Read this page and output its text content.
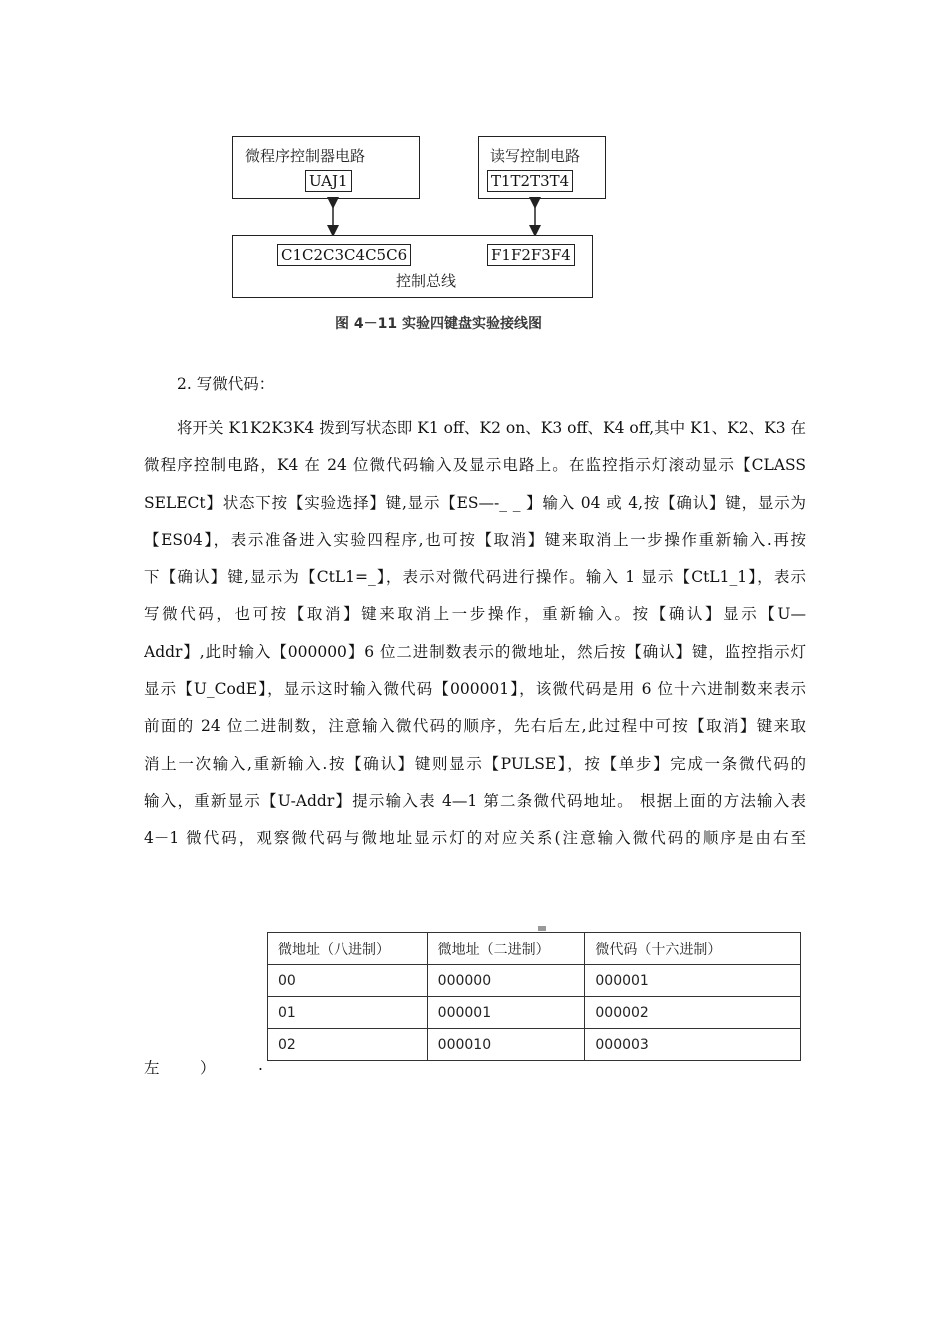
微程序控制器电路
UAJ1
读写控制电路
T1T2T3T4
C1C2C3C4C5C6	F1F2F3F4
控制总线
图 4－11 实验四键盘实验接线图
2. 写微代码：
将开关 K1K2K3K4 拨到写状态即 K1 off、K2 on、K3 off、K4 off,其中 K1、K2、K3 在
微程序控制电路，K4 在 24 位微代码输入及显示电路上。在监控指示灯滚动显示【CLASS
SELECt】状态下按【实验选择】键,显示【ES—-_ _ 】输入 04 或 4,按【确认】键，显示为
【ES04】，表示准备进入实验四程序,也可按【取消】键来取消上一步操作重新输入.再按
下【确认】键,显示为【CtL1=_】，表示对微代码进行操作。输入 1 显示【CtL1_1】，表示
写微代码，也可按【取消】键来取消上一步操作，重新输入。按【确认】显示【U—
Addr】,此时输入【000000】6 位二进制数表示的微地址，然后按【确认】键，监控指示灯
显示【U_CodE】，显示这时输入微代码【000001】，该微代码是用 6 位十六进制数来表示
前面的 24 位二进制数，注意输入微代码的顺序，先右后左,此过程中可按【取消】键来取
消上一次输入,重新输入.按【确认】键则显示【PULSE】，按【单步】完成一条微代码的
输入，重新显示【U-Addr】提示输入表 4—1 第二条微代码地址。 根据上面的方法输入表
4－1 微代码，观察微代码与微地址显示灯的对应关系(注意输入微代码的顺序是由右至
微地址（八进制）	微地址（二进制）	微代码（十六进制）
00	000000	000001
01	000001	000002
02	000010	000003
左	）	.
